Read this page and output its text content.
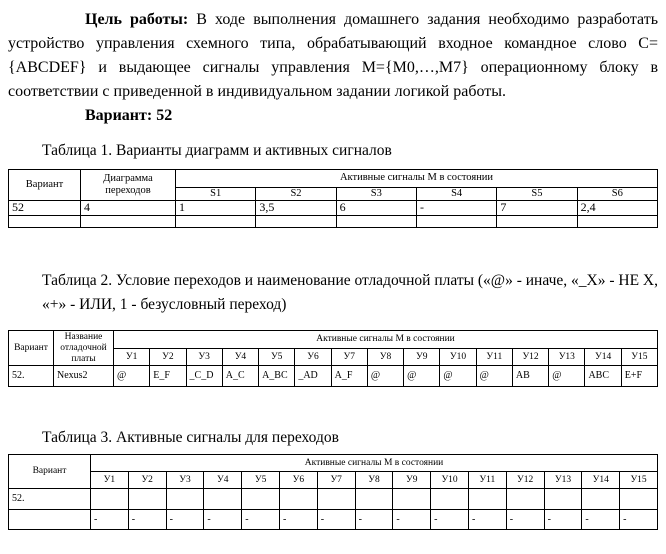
Цель работы: В ходе выполнения домашнего задания необходимо разработать устройство управления схемного типа, обрабатывающий входное командное слово С={ABCDEF} и выдающее сигналы управления М={М0,…,М7} операционному блоку в соответствии с приведенной в индивидуальном задании логикой работы.

Вариант: 52

Таблица 1. Варианты диаграмм и активных сигналов

Вариант	Диаграмма переходов	Активные сигналы М в состоянии					
		S1	S2	S3	S4	S5	S6
52	4	1	3,5	6	-	7	2,4

Таблица 2. Условие переходов и наименование отладочной платы («@» - иначе, «_Х» - НЕ Х, «+» - ИЛИ, 1 - безусловный переход)

Вариант	Название отладочной платы	Активные сигналы М в состоянии														
		У1	У2	У3	У4	У5	У6	У7	У8	У9	У10	У11	У12	У13	У14	У15
52.	Nexus2	@	E_F	_C_D	A_C	A_BC	_AD	A_F	@	@	@	@	AB	@	ABC	E+F

Таблица 3. Активные сигналы для переходов

Вариант	Активные сигналы М в состоянии														
	У1	У2	У3	У4	У5	У6	У7	У8	У9	У10	У11	У12	У13	У14	У15
52.															
	-	-	-	-	-	-	-	-	-	-	-	-	-	-	-
